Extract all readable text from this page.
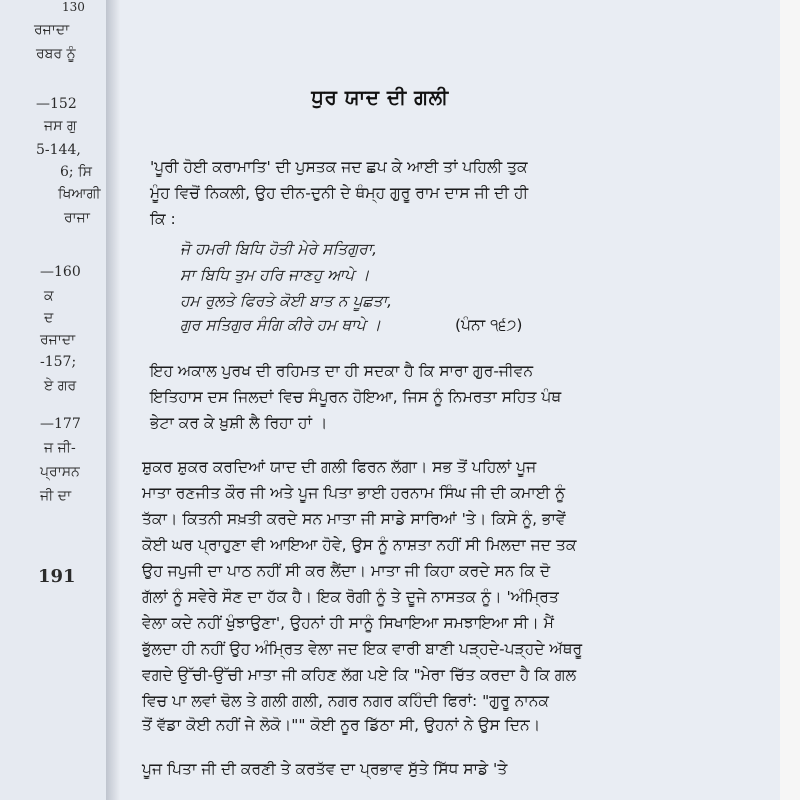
130
ਰਜਾਦਾ
ਰਬਰ ਨੂੰ
—152
ਜਸ ਗੁ
5-144,
6; ਸਿ
ਖਿਆਗੀ
ਰਾਜਾ
—160
ਕ
ਦ
ਰਜਾਦਾ
-157;
ਏ ਗਰ
—177
ਜ ਜੀ-
ਪ੍ਰਾਸਨ
ਜੀ ਦਾ
191
ਧੁਰ ਯਾਦ ਦੀ ਗਲੀ
'ਪੂਰੀ ਹੋਈ ਕਰਾਮਾਤਿ' ਦੀ ਪੁਸਤਕ ਜਦ ਛਪ ਕੇ ਆਈ ਤਾਂ ਪਹਿਲੀ ਤੁਕ
ਮੂੰਹ ਵਿਚੋਂ ਨਿਕਲੀ, ਉਹ ਦੀਨ-ਦੁਨੀ ਦੇ ਥੰਮ੍ਹ ਗੁਰੂ ਰਾਮ ਦਾਸ ਜੀ ਦੀ ਹੀ
ਕਿ :
ਜੋ ਹਮਰੀ ਬਿਧਿ ਹੋਤੀ ਮੇਰੇ ਸਤਿਗੁਰਾ,
ਸਾ ਬਿਧਿ ਤੁਮ ਹਰਿ ਜਾਣਹੁ ਆਪੇ ।
ਹਮ ਰੁਲਤੇ ਫਿਰਤੇ ਕੋਈ ਬਾਤ ਨ ਪੂਛਤਾ,
ਗੁਰ ਸਤਿਗੁਰ ਸੰਗਿ ਕੀਰੇ ਹਮ ਥਾਪੇ ।	(ਪੰਨਾ ੧੬੭)
ਇਹ ਅਕਾਲ ਪੁਰਖ ਦੀ ਰਹਿਮਤ ਦਾ ਹੀ ਸਦਕਾ ਹੈ ਕਿ ਸਾਰਾ ਗੁਰ-ਜੀਵਨ
ਇਤਿਹਾਸ ਦਸ ਜਿਲਦਾਂ ਵਿਚ ਸੰਪੂਰਨ ਹੋਇਆ, ਜਿਸ ਨੂੰ ਨਿਮਰਤਾ ਸਹਿਤ ਪੰਥ
ਭੇਟਾ ਕਰ ਕੇ ਖ਼ੁਸ਼ੀ ਲੈ ਰਿਹਾ ਹਾਂ ।
ਸ਼ੁਕਰ ਸ਼ੁਕਰ ਕਰਦਿਆਂ ਯਾਦ ਦੀ ਗਲੀ ਫਿਰਨ ਲੱਗਾ। ਸਭ ਤੋਂ ਪਹਿਲਾਂ ਪੂਜ
ਮਾਤਾ ਰਣਜੀਤ ਕੌਰ ਜੀ ਅਤੇ ਪੂਜ ਪਿਤਾ ਭਾਈ ਹਰਨਾਮ ਸਿੰਘ ਜੀ ਦੀ ਕਮਾਈ ਨੂੰ
ਤੱਕਾ। ਕਿਤਨੀ ਸਖ਼ਤੀ ਕਰਦੇ ਸਨ ਮਾਤਾ ਜੀ ਸਾਡੇ ਸਾਰਿਆਂ 'ਤੇ। ਕਿਸੇ ਨੂੰ, ਭਾਵੇਂ
ਕੋਈ ਘਰ ਪ੍ਰਾਹੁਣਾ ਵੀ ਆਇਆ ਹੋਵੇ, ਉਸ ਨੂੰ ਨਾਸ਼ਤਾ ਨਹੀਂ ਸੀ ਮਿਲਦਾ ਜਦ ਤਕ
ਉਹ ਜਪੁਜੀ ਦਾ ਪਾਠ ਨਹੀਂ ਸੀ ਕਰ ਲੈਂਦਾ। ਮਾਤਾ ਜੀ ਕਿਹਾ ਕਰਦੇ ਸਨ ਕਿ ਦੋ
ਗੱਲਾਂ ਨੂੰ ਸਵੇਰੇ ਸੌਣ ਦਾ ਹੱਕ ਹੈ। ਇਕ ਰੋਗੀ ਨੂੰ ਤੇ ਦੂਜੇ ਨਾਸਤਕ ਨੂੰ। 'ਅੰਮ੍ਰਿਤ
ਵੇਲਾ ਕਦੇ ਨਹੀਂ ਖੁੰਝਾਉਣਾ', ਉਹਨਾਂ ਹੀ ਸਾਨੂੰ ਸਿਖਾਇਆ ਸਮਝਾਇਆ ਸੀ। ਮੈਂ
ਭੁੱਲਦਾ ਹੀ ਨਹੀਂ ਉਹ ਅੰਮ੍ਰਿਤ ਵੇਲਾ ਜਦ ਇਕ ਵਾਰੀ ਬਾਣੀ ਪੜ੍ਹਦੇ-ਪੜ੍ਹਦੇ ਅੱਥਰੂ
ਵਗਦੇ ਉੱਚੀ-ਉੱਚੀ ਮਾਤਾ ਜੀ ਕਹਿਣ ਲੱਗ ਪਏ ਕਿ "ਮੇਰਾ ਚਿੱਤ ਕਰਦਾ ਹੈ ਕਿ ਗਲ
ਵਿਚ ਪਾ ਲਵਾਂ ਢੋਲ ਤੇ ਗਲੀ ਗਲੀ, ਨਗਰ ਨਗਰ ਕਹਿੰਦੀ ਫਿਰਾਂ: "ਗੁਰੂ ਨਾਨਕ
ਤੋਂ ਵੱਡਾ ਕੋਈ ਨਹੀਂ ਜੇ ਲੋਕੋ।"" ਕੋਈ ਨੂਰ ਡਿੱਠਾ ਸੀ, ਉਹਨਾਂ ਨੇ ਉਸ ਦਿਨ।
ਪੂਜ ਪਿਤਾ ਜੀ ਦੀ ਕਰਣੀ ਤੇ ਕਰਤੱਵ ਦਾ ਪ੍ਰਭਾਵ ਸੁੱਤੇ ਸਿੱਧ ਸਾਡੇ 'ਤੇ
